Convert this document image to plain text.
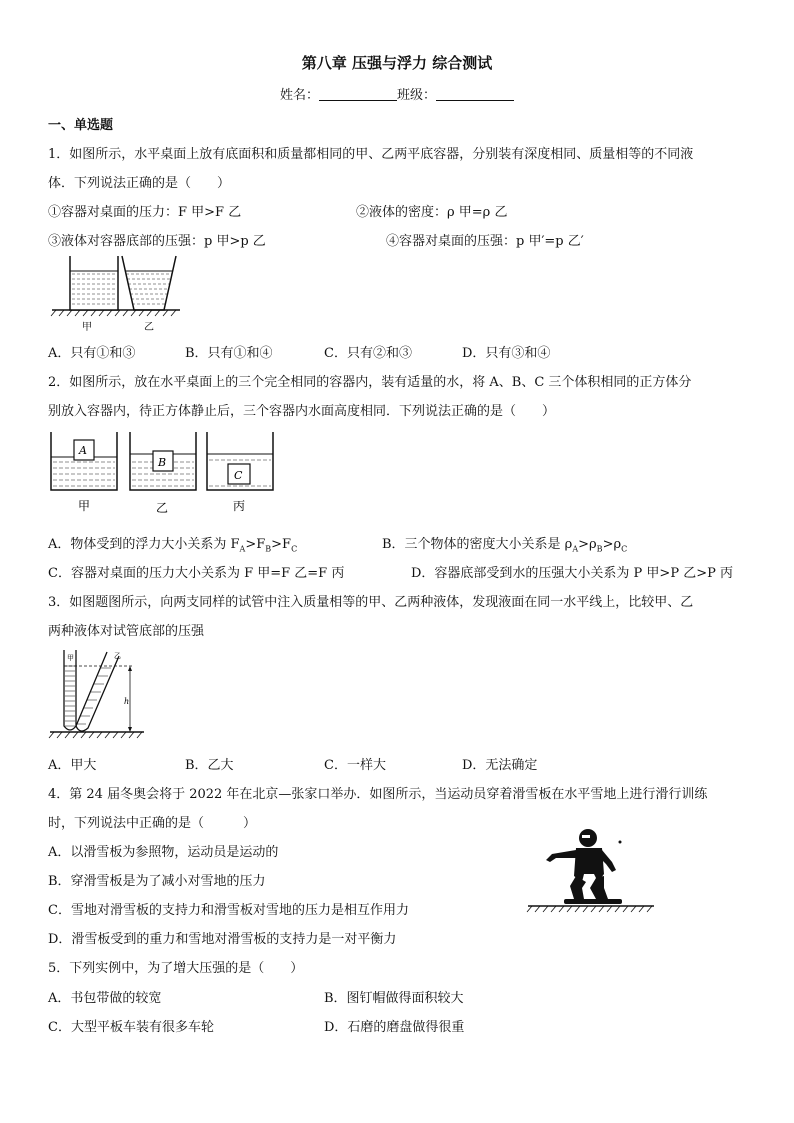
第八章 压强与浮力 综合测试
姓名：	班级：
一、单选题
1．如图所示，水平桌面上放有底面积和质量都相同的甲、乙两平底容器，分别装有深度相同、质量相等的不同液
体．下列说法正确的是（　　）
①容器对桌面的压力：F 甲>F 乙	②液体的密度：ρ 甲=ρ 乙
③液体对容器底部的压强：p 甲>p 乙	④容器对桌面的压强：p 甲′=p 乙′
甲	乙
A．只有①和③	B．只有①和④	C．只有②和③	D．只有③和④
2．如图所示，放在水平桌面上的三个完全相同的容器内，装有适量的水，将 A、B、C 三个体积相同的正方体分
别放入容器内，待正方体静止后，三个容器内水面高度相同．下列说法正确的是（　　）
A
B
C
甲	乙	丙
A．物体受到的浮力大小关系为 $F_A>F_B>F_C$	B．三个物体的密度大小关系是 $\rho_A>\rho_B>\rho_C$
C．容器对桌面的压力大小关系为 F 甲=F 乙=F 丙	D．容器底部受到水的压强大小关系为 P 甲>P 乙>P 丙
3．如图题图所示，向两支同样的试管中注入质量相等的甲、乙两种液体，发现液面在同一水平线上，比较甲、乙
两种液体对试管底部的压强
甲	乙
h
A．甲大	B．乙大	C．一样大	D．无法确定
4．第 24 届冬奥会将于 2022 年在北京—张家口举办．如图所示，当运动员穿着滑雪板在水平雪地上进行滑行训练
时，下列说法中正确的是（　　　）
A．以滑雪板为参照物，运动员是运动的
B．穿滑雪板是为了减小对雪地的压力
C．雪地对滑雪板的支持力和滑雪板对雪地的压力是相互作用力
D．滑雪板受到的重力和雪地对滑雪板的支持力是一对平衡力
5．下列实例中，为了增大压强的是（　　）
A．书包带做的较宽	B．图钉帽做得面积较大
C．大型平板车装有很多车轮	D．石磨的磨盘做得很重
